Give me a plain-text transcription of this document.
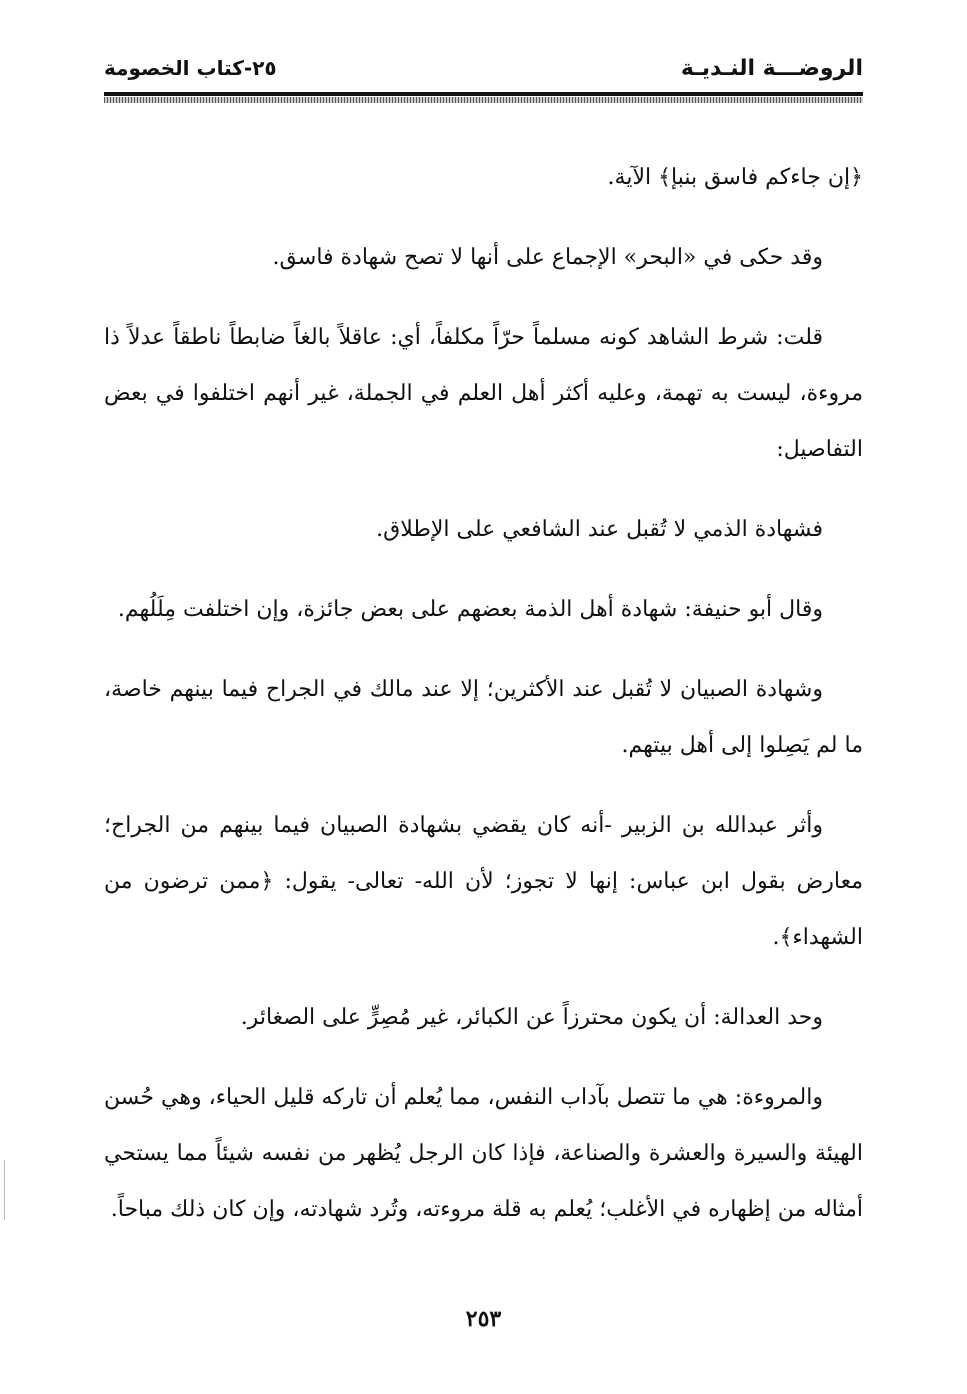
الروضـــة النـديـة
٢٥-كتاب الخصومة

﴿إن جاءكم فاسق بنبإ﴾ الآية.

وقد حكى في «البحر» الإجماع على أنها لا تصح شهادة فاسق.

قلت: شرط الشاهد كونه مسلماً حرّاً مكلفاً، أي: عاقلاً بالغاً ضابطاً ناطقاً عدلاً ذا مروءة، ليست به تهمة، وعليه أكثر أهل العلم في الجملة، غير أنهم اختلفوا في بعض التفاصيل:

فشهادة الذمي لا تُقبل عند الشافعي على الإطلاق.

وقال أبو حنيفة: شهادة أهل الذمة بعضهم على بعض جائزة، وإن اختلفت مِلَلُهم.

وشهادة الصبيان لا تُقبل عند الأكثرين؛ إلا عند مالك في الجراح فيما بينهم خاصة، ما لم يَصِلوا إلى أهل بيتهم.

وأثر عبدالله بن الزبير -أنه كان يقضي بشهادة الصبيان فيما بينهم من الجراح؛ معارض بقول ابن عباس: إنها لا تجوز؛ لأن الله- تعالى- يقول: ﴿ممن ترضون من الشهداء﴾.

وحد العدالة: أن يكون محترزاً عن الكبائر، غير مُصِرٍّ على الصغائر.

والمروءة: هي ما تتصل بآداب النفس، مما يُعلم أن تاركه قليل الحياء، وهي حُسن الهيئة والسيرة والعشرة والصناعة، فإذا كان الرجل يُظهر من نفسه شيئاً مما يستحي أمثاله من إظهاره في الأغلب؛ يُعلم به قلة مروءته، وتُرد شهادته، وإن كان ذلك مباحاً.

٢٥٣
